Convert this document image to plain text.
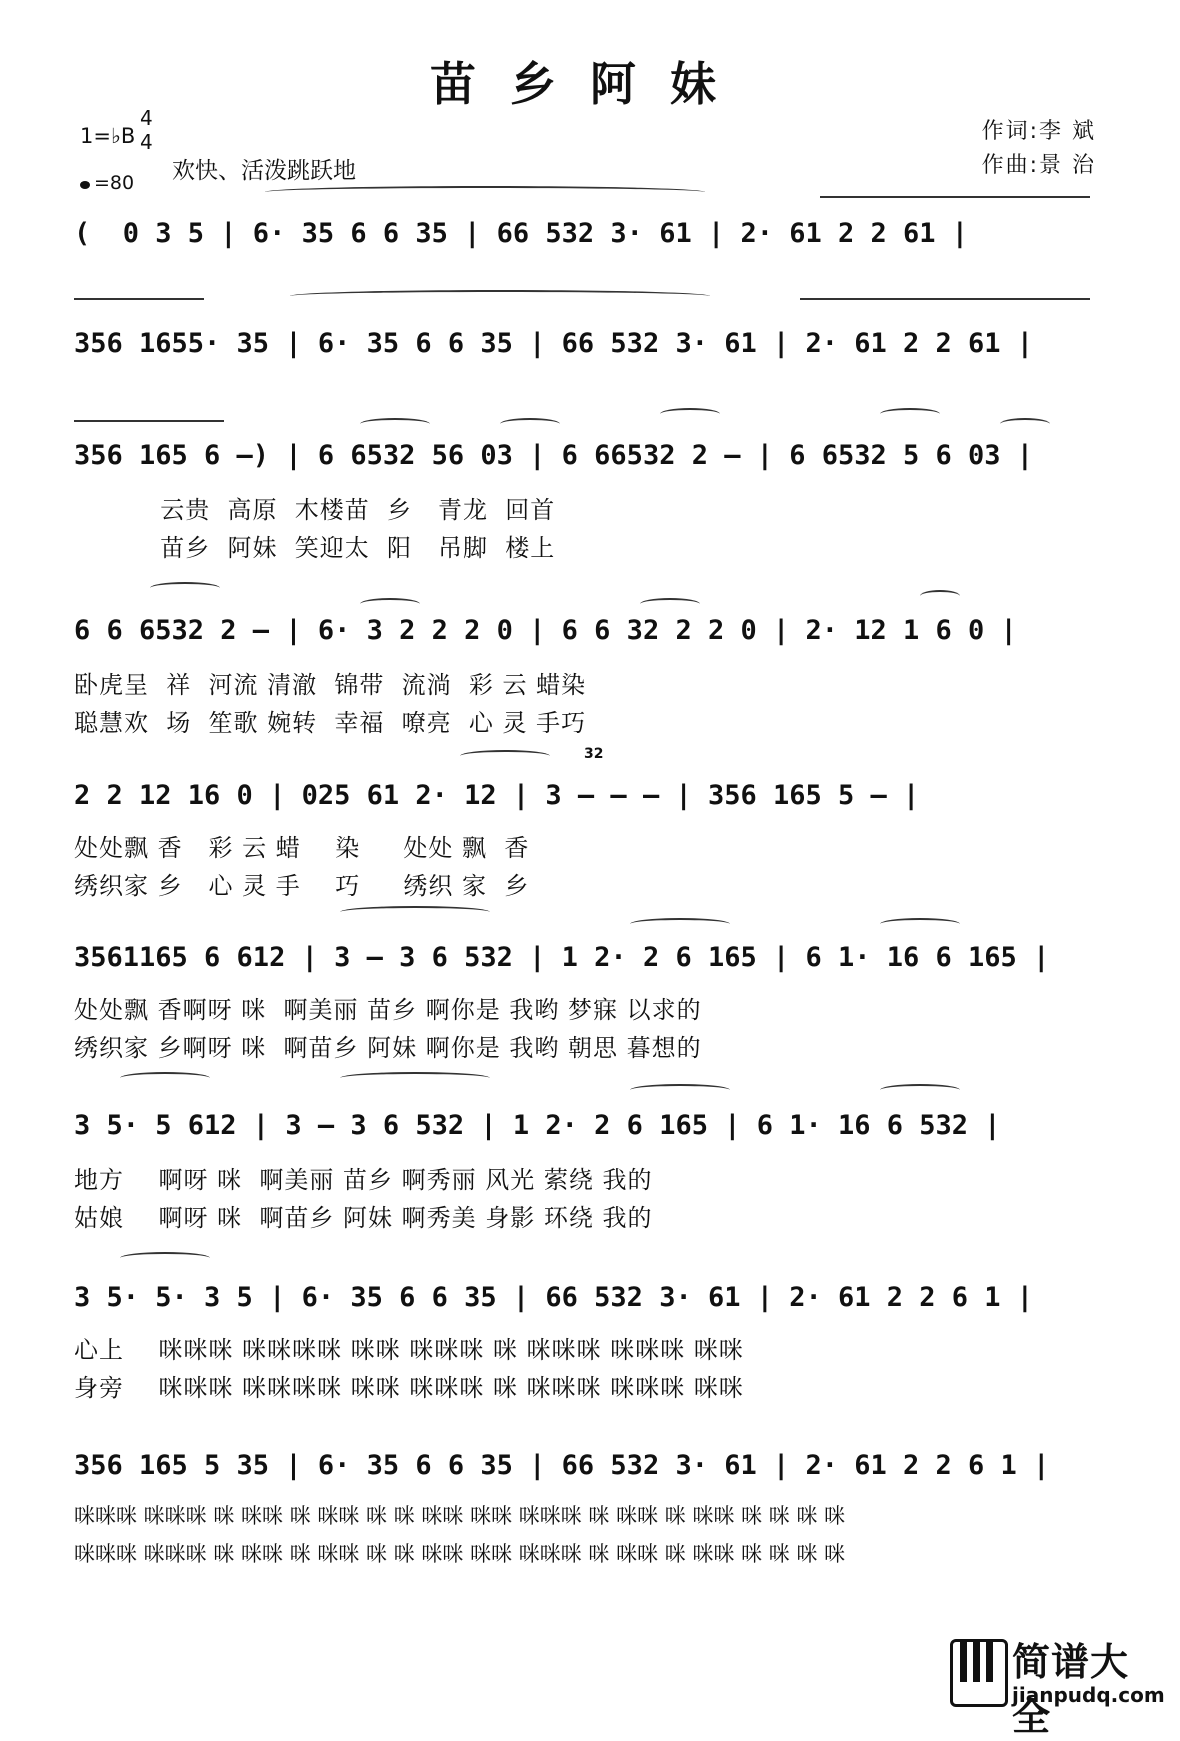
苗乡阿妹
1=♭B
4
4
=80 欢快、活泼跳跃地
作词:李 斌
作曲:景 治
(  0 3 5 | 6· 35 6 6 35 | 66 532 3· 61 | 2· 61 2 2 61 |
356 1655· 35 | 6· 35 6 6 35 | 66 532 3· 61 | 2· 61 2 2 61 |
356 165 6 –) | 6 6532 56 03 | 6 66532 2 – | 6 6532 5 6 03 |
云贵  高原  木楼苗  乡   青龙  回首
苗乡  阿妹  笑迎太  阳   吊脚  楼上
6 6 6532 2 – | 6· 3 2 2 2 0 | 6 6 32 2 2 0 | 2· 12 1 6 0 |
卧虎呈  祥  河流 清澈  锦带  流淌  彩 云 蜡染
聪慧欢  场  笙歌 婉转  幸福  嘹亮  心 灵 手巧
32
2 2 12 16 0 | 025 61 2· 12 | 3 – – – | 356 165 5 – |
处处飘 香   彩 云 蜡    染     处处 飘  香
绣织家 乡   心 灵 手    巧     绣织 家  乡
3561165 6 612 | 3 – 3 6 532 | 1 2· 2 6 165 | 6 1· 16 6 165 |
处处飘 香啊呀 咪  啊美丽 苗乡 啊你是 我哟 梦寐 以求的
绣织家 乡啊呀 咪  啊苗乡 阿妹 啊你是 我哟 朝思 暮想的
3 5· 5 612 | 3 – 3 6 532 | 1 2· 2 6 165 | 6 1· 16 6 532 |
地方    啊呀 咪  啊美丽 苗乡 啊秀丽 风光 萦绕 我的
姑娘    啊呀 咪  啊苗乡 阿妹 啊秀美 身影 环绕 我的
3 5· 5· 3 5 | 6· 35 6 6 35 | 66 532 3· 61 | 2· 61 2 2 6 1 |
心上    咪咪咪 咪咪咪咪 咪咪 咪咪咪 咪 咪咪咪 咪咪咪 咪咪
身旁    咪咪咪 咪咪咪咪 咪咪 咪咪咪 咪 咪咪咪 咪咪咪 咪咪
356 165 5 35 | 6· 35 6 6 35 | 66 532 3· 61 | 2· 61 2 2 6 1 |
咪咪咪 咪咪咪 咪 咪咪 咪 咪咪 咪 咪 咪咪 咪咪 咪咪咪 咪 咪咪 咪 咪咪 咪 咪 咪 咪
咪咪咪 咪咪咪 咪 咪咪 咪 咪咪 咪 咪 咪咪 咪咪 咪咪咪 咪 咪咪 咪 咪咪 咪 咪 咪 咪
简谱大全
jianpudq.com
